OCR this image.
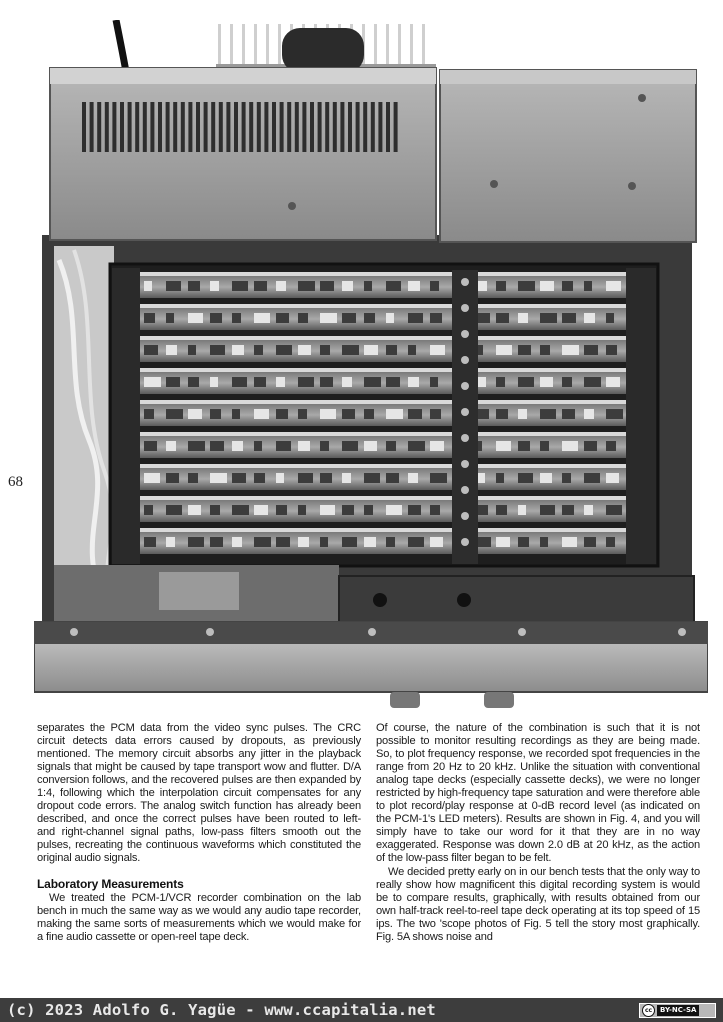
68

separates the PCM data from the video sync pulses. The CRC circuit detects data errors caused by dropouts, as previously mentioned. The memory circuit absorbs any jitter in the playback signals that might be caused by tape transport wow and flutter. D/A conversion follows, and the recovered pulses are then expanded by 1:4, following which the interpolation circuit compensates for any dropout code errors. The analog switch function has already been described, and once the correct pulses have been routed to left- and right-channel signal paths, low-pass filters smooth out the pulses, recreating the continuous waveforms which constituted the original audio signals.

Laboratory Measurements

We treated the PCM-1/VCR recorder combination on the lab bench in much the same way as we would any audio tape recorder, making the same sorts of measurements which we would make for a fine audio cassette or open-reel tape deck.

Of course, the nature of the combination is such that it is not possible to monitor resulting recordings as they are being made. So, to plot frequency response, we recorded spot frequencies in the range from 20 Hz to 20 kHz. Unlike the situation with conventional analog tape decks (especially cassette decks), we were no longer restricted by high-frequency tape saturation and were therefore able to plot record/play response at 0-dB record level (as indicated on the PCM-1's LED meters). Results are shown in Fig. 4, and you will simply have to take our word for it that they are in no way exaggerated. Response was down 2.0 dB at 20 kHz, as the action of the low-pass filter began to be felt.

We decided pretty early on in our bench tests that the only way to really show how magnificent this digital recording system is would be to compare results, graphically, with results obtained from our own half-track reel-to-reel tape deck operating at its top speed of 15 ips. The two 'scope photos of Fig. 5 tell the story most graphically. Fig. 5A shows noise and

(c) 2023 Adolfo G. Yagüe - www.ccapitalia.net	cc	BY-NC-SA
